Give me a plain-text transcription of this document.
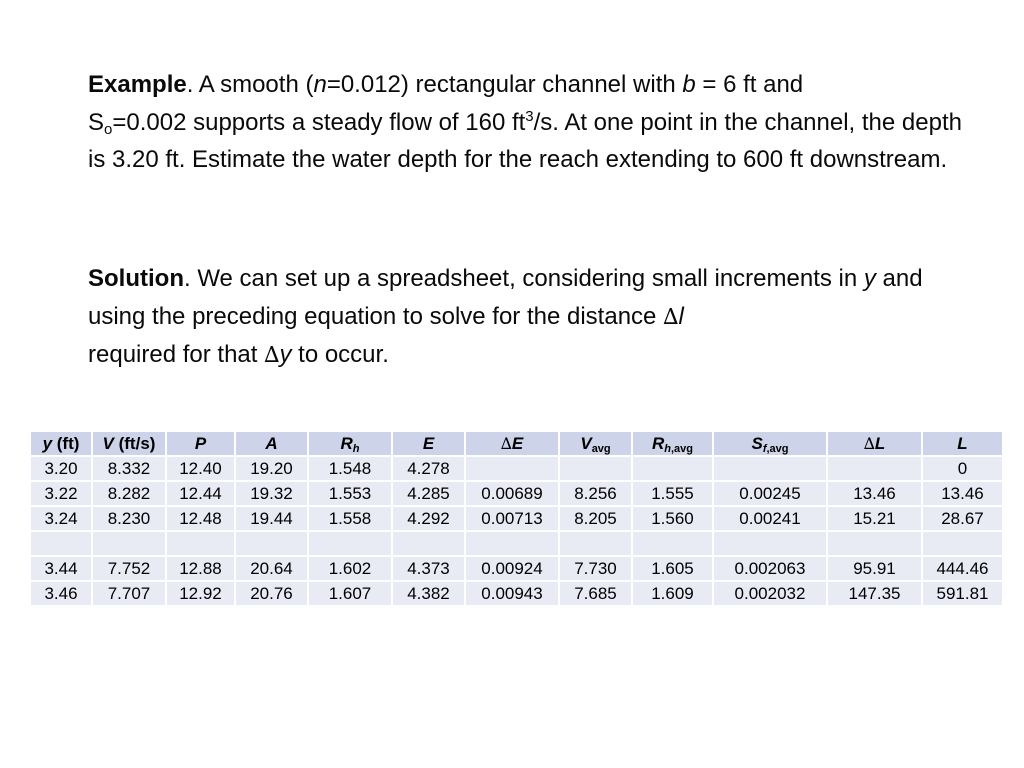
Example. A smooth (n=0.012) rectangular channel with b = 6 ft and
$S_o=0.002$ supports a steady flow of 160 $ft^3/s$. At one point in the channel, the depth is 3.20 ft. Estimate the water depth for the reach extending to 600 ft downstream.

Solution. We can set up a spreadsheet, considering small increments in y and using the preceding equation to solve for the distance ∆l
required for that ∆y to occur.

y (ft)	V (ft/s)	P	A	$R_h$	E	∆E	$V_{avg}$	$R_{h,avg}$	$S_{f,avg}$	∆L	L
3.20	8.332	12.40	19.20	1.548	4.278						0
3.22	8.282	12.44	19.32	1.553	4.285	0.00689	8.256	1.555	0.00245	13.46	13.46
3.24	8.230	12.48	19.44	1.558	4.292	0.00713	8.205	1.560	0.00241	15.21	28.67

3.44	7.752	12.88	20.64	1.602	4.373	0.00924	7.730	1.605	0.002063	95.91	444.46
3.46	7.707	12.92	20.76	1.607	4.382	0.00943	7.685	1.609	0.002032	147.35	591.81
